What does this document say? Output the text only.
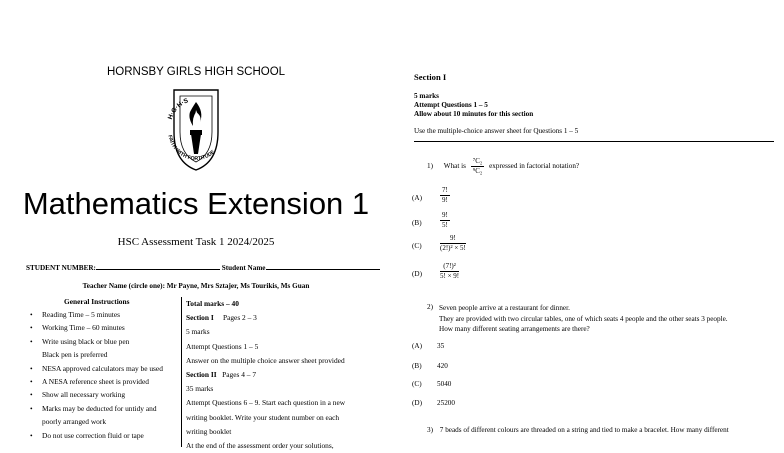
HORNSBY GIRLS HIGH SCHOOL
H·G·H·S
FAITH WITH FORTITUDE
Mathematics Extension 1
HSC Assessment Task 1 2024/2025
STUDENT NUMBER:	Student Name
Teacher Name (circle one): Mr Payne, Mrs Sztajer, Ms Tourikis, Ms Guan
General Instructions
• Reading Time – 5 minutes
• Working Time – 60 minutes
• Write using black or blue pen
Black pen is preferred
• NESA approved calculators may be used
• A NESA reference sheet is provided
• Show all necessary working
• Marks may be deducted for untidy and
poorly arranged work
• Do not use correction fluid or tape
Total marks – 40
Section I     Pages 2 – 3
5 marks
Attempt Questions 1 – 5
Answer on the multiple choice answer sheet provided
Section II   Pages 4 – 7
35 marks
Attempt Questions 6 – 9. Start each question in a new
writing booklet. Write your student number on each
writing booklet
At the end of the assessment order your solutions,
Section I
5 marks
Attempt Questions 1 – 5
Allow about 10 minutes for this section
Use the multiple-choice answer sheet for Questions 1 – 5
1) What is $\frac{\text{⁷C₂}}{\text{⁹C₂}}$ expressed in factorial notation?
(A)	$\frac{7!}{9!}$
(B)	$\frac{9!}{5!}$
(C)	$\frac{9!}{\text{(2!)² × 5!}}$
(D)	$\frac{\text{(7!)²}}{5! \times 9!}$
2) Seven people arrive at a restaurant for dinner.
They are provided with two circular tables, one of which seats 4 people and the other seats 3 people.
How many different seating arrangements are there?
(A) 35
(B) 420
(C) 5040
(D) 25200
3) 7 beads of different colours are threaded on a string and tied to make a bracelet. How many different
